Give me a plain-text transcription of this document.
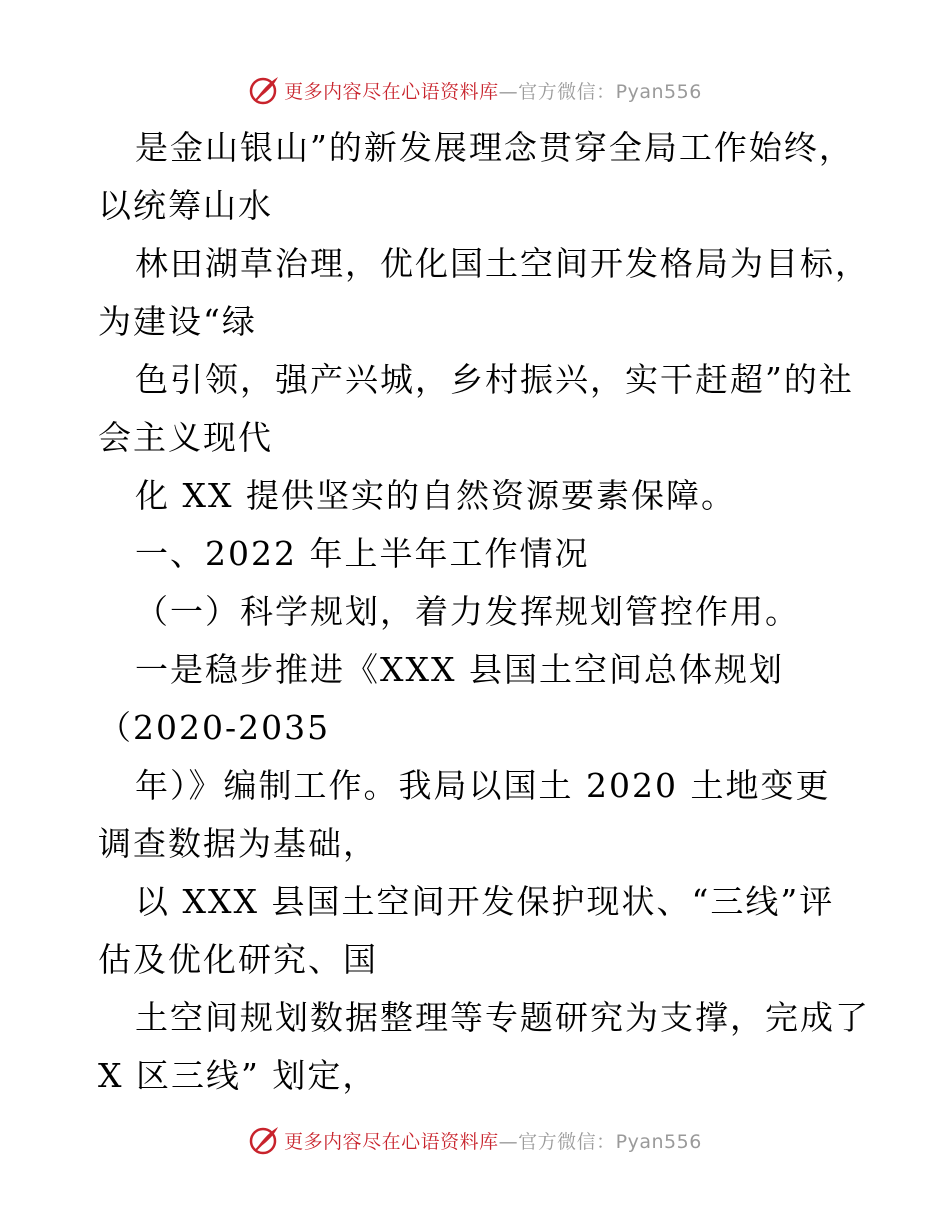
更多内容尽在心语资料库 —官方微信：Pyan556
是金山银山”的新发展理念贯穿全局工作始终，
以统筹山水
林田湖草治理，优化国土空间开发格局为目标，
为建设“绿
色引领，强产兴城，乡村振兴，实干赶超”的社
会主义现代
化 XX 提供坚实的自然资源要素保障。
一、2022 年上半年工作情况
（一）科学规划，着力发挥规划管控作用。
一是稳步推进《XXX 县国土空间总体规划
（2020-2035
年）》编制工作。我局以国土 2020 土地变更
调查数据为基础，
以 XXX 县国土空间开发保护现状、“三线”评
估及优化研究、国
土空间规划数据整理等专题研究为支撑，完成了
X 区三线” 划定，
更多内容尽在心语资料库 —官方微信：Pyan556
